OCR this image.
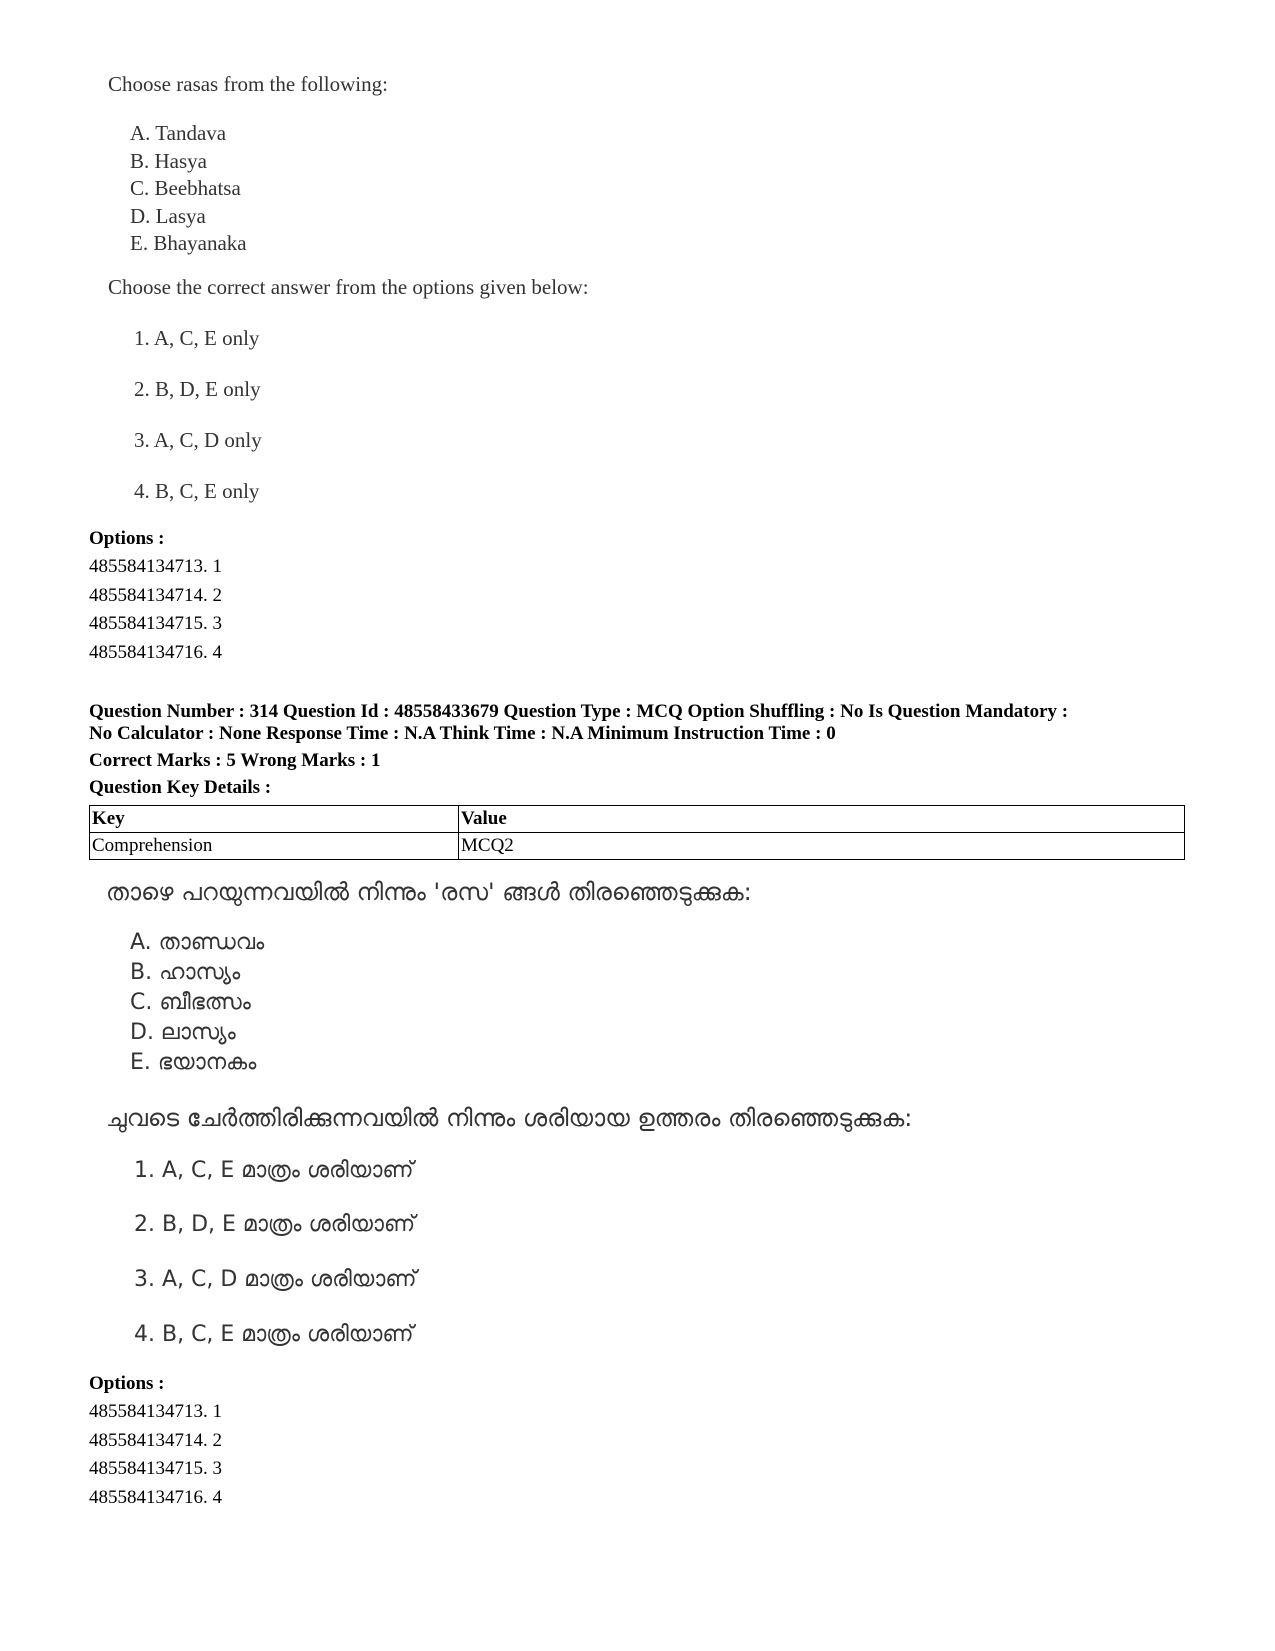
Choose rasas from the following:
A. Tandava
B. Hasya
C. Beebhatsa
D. Lasya
E. Bhayanaka
Choose the correct answer from the options given below:
1. A, C, E only
2. B, D, E only
3. A, C, D only
4. B, C, E only
Options :
485584134713. 1
485584134714. 2
485584134715. 3
485584134716. 4
Question Number : 314 Question Id : 48558433679 Question Type : MCQ Option Shuffling : No Is Question Mandatory :
No Calculator : None Response Time : N.A Think Time : N.A Minimum Instruction Time : 0
Correct Marks : 5 Wrong Marks : 1
Question Key Details :
Key	Value
Comprehension	MCQ2
താഴെ പറയുന്നവയിൽ നിന്നും 'രസ' ങ്ങൾ തിരഞ്ഞെടുക്കുക:
A. താണ്ഡവം
B. ഹാസ്യം
C. ബീഭത്സം
D. ലാസ്യം
E. ഭയാനകം
ചുവടെ ചേർത്തിരിക്കുന്നവയിൽ നിന്നും ശരിയായ ഉത്തരം തിരഞ്ഞെടുക്കുക:
1. A, C, E മാത്രം ശരിയാണ്
2. B, D, E മാത്രം ശരിയാണ്
3. A, C, D മാത്രം ശരിയാണ്
4. B, C, E മാത്രം ശരിയാണ്
Options :
485584134713. 1
485584134714. 2
485584134715. 3
485584134716. 4
